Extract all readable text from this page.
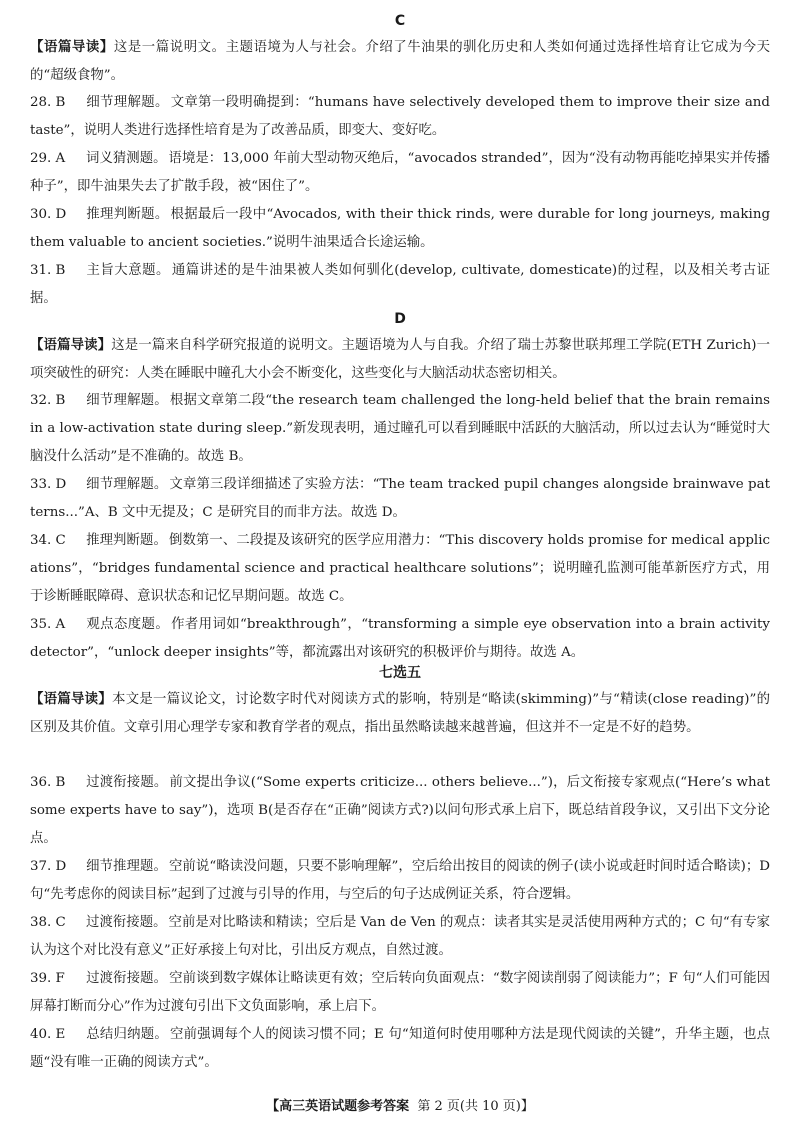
C
【语篇导读】这是一篇说明文。主题语境为人与社会。介绍了牛油果的驯化历史和人类如何通过选择性培育让它成为今天的“超级食物”。
28. B 细节理解题。 文章第一段明确提到：“humans have selectively developed them to improve their size and taste”，说明人类进行选择性培育是为了改善品质，即变大、变好吃。
29. A 词义猜测题。 语境是：13,000 年前大型动物灭绝后，“avocados stranded”，因为“没有动物再能吃掉果实并传播种子”，即牛油果失去了扩散手段，被“困住了”。
30. D 推理判断题。 根据最后一段中“Avocados, with their thick rinds, were durable for long journeys, making them valuable to ancient societies.”说明牛油果适合长途运输。
31. B 主旨大意题。 通篇讲述的是牛油果被人类如何驯化(develop, cultivate, domesticate)的过程，以及相关考古证据。
D
【语篇导读】这是一篇来自科学研究报道的说明文。主题语境为人与自我。介绍了瑞士苏黎世联邦理工学院(ETH Zurich)一项突破性的研究：人类在睡眠中瞳孔大小会不断变化，这些变化与大脑活动状态密切相关。
32. B 细节理解题。 根据文章第二段“the research team challenged the long-held belief that the brain remains in a low-activation state during sleep.”新发现表明，通过瞳孔可以看到睡眠中活跃的大脑活动，所以过去认为“睡觉时大脑没什么活动”是不准确的。故选 B。
33. D 细节理解题。 文章第三段详细描述了实验方法：“The team tracked pupil changes alongside brainwave patterns...”A、B 文中无提及；C 是研究目的而非方法。故选 D。
34. C 推理判断题。 倒数第一、二段提及该研究的医学应用潜力：“This discovery holds promise for medical applications”，“bridges fundamental science and practical healthcare solutions”；说明瞳孔监测可能革新医疗方式，用于诊断睡眠障碍、意识状态和记忆早期问题。故选 C。
35. A 观点态度题。 作者用词如“breakthrough”，“transforming a simple eye observation into a brain activity detector”，“unlock deeper insights”等，都流露出对该研究的积极评价与期待。故选 A。
七选五
【语篇导读】本文是一篇议论文，讨论数字时代对阅读方式的影响，特别是“略读(skimming)”与“精读(close reading)”的区别及其价值。文章引用心理学专家和教育学者的观点，指出虽然略读越来越普遍，但这并不一定是不好的趋势。
36. B 过渡衔接题。 前文提出争议(“Some experts criticize... others believe...”)，后文衔接专家观点(“Here’s what some experts have to say”)，选项 B(是否存在“正确”阅读方式?)以问句形式承上启下，既总结首段争议，又引出下文分论点。
37. D 细节推理题。 空前说“略读没问题，只要不影响理解”，空后给出按目的阅读的例子(读小说或赶时间时适合略读)；D 句“先考虑你的阅读目标”起到了过渡与引导的作用，与空后的句子达成例证关系，符合逻辑。
38. C 过渡衔接题。 空前是对比略读和精读；空后是 Van de Ven 的观点：读者其实是灵活使用两种方式的；C 句“有专家认为这个对比没有意义”正好承接上句对比，引出反方观点，自然过渡。
39. F 过渡衔接题。 空前谈到数字媒体让略读更有效；空后转向负面观点：“数字阅读削弱了阅读能力”；F 句“人们可能因屏幕打断而分心”作为过渡句引出下文负面影响，承上启下。
40. E 总结归纳题。 空前强调每个人的阅读习惯不同；E 句“知道何时使用哪种方法是现代阅读的关键”，升华主题，也点题“没有唯一正确的阅读方式”。
【高三英语试题参考答案 第 2 页(共 10 页)】
